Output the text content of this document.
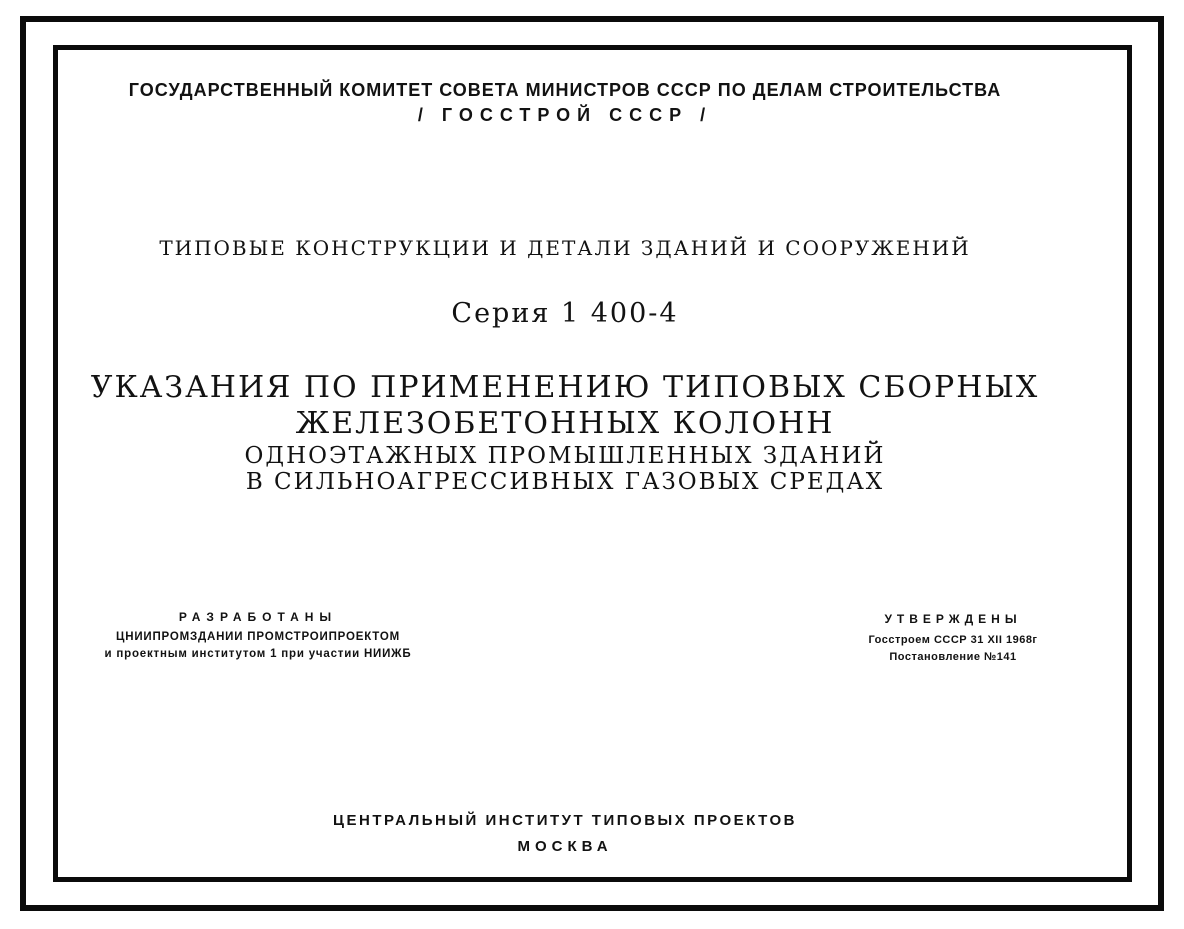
ГОСУДАРСТВЕННЫЙ КОМИТЕТ СОВЕТА МИНИСТРОВ СССР ПО ДЕЛАМ СТРОИТЕЛЬСТВА
/ ГОССТРОЙ СССР /
ТИПОВЫЕ КОНСТРУКЦИИ И ДЕТАЛИ ЗДАНИЙ И СООРУЖЕНИЙ
Серия 1 400-4
УКАЗАНИЯ ПО ПРИМЕНЕНИЮ ТИПОВЫХ СБОРНЫХ
ЖЕЛЕЗОБЕТОННЫХ КОЛОНН
ОДНОЭТАЖНЫХ ПРОМЫШЛЕННЫХ ЗДАНИЙ
В СИЛЬНОАГРЕССИВНЫХ ГАЗОВЫХ СРЕДАХ
РАЗРАБОТАНЫ
ЦНИИПРОМЗДАНИИ ПРОМСТРОИПРОЕКТОМ
и проектным институтом 1 при участии НИИЖБ
УТВЕРЖДЕНЫ
Госстроем СССР 31 XII 1968г
Постановление №141
ЦЕНТРАЛЬНЫЙ ИНСТИТУТ ТИПОВЫХ ПРОЕКТОВ
МОСКВА
